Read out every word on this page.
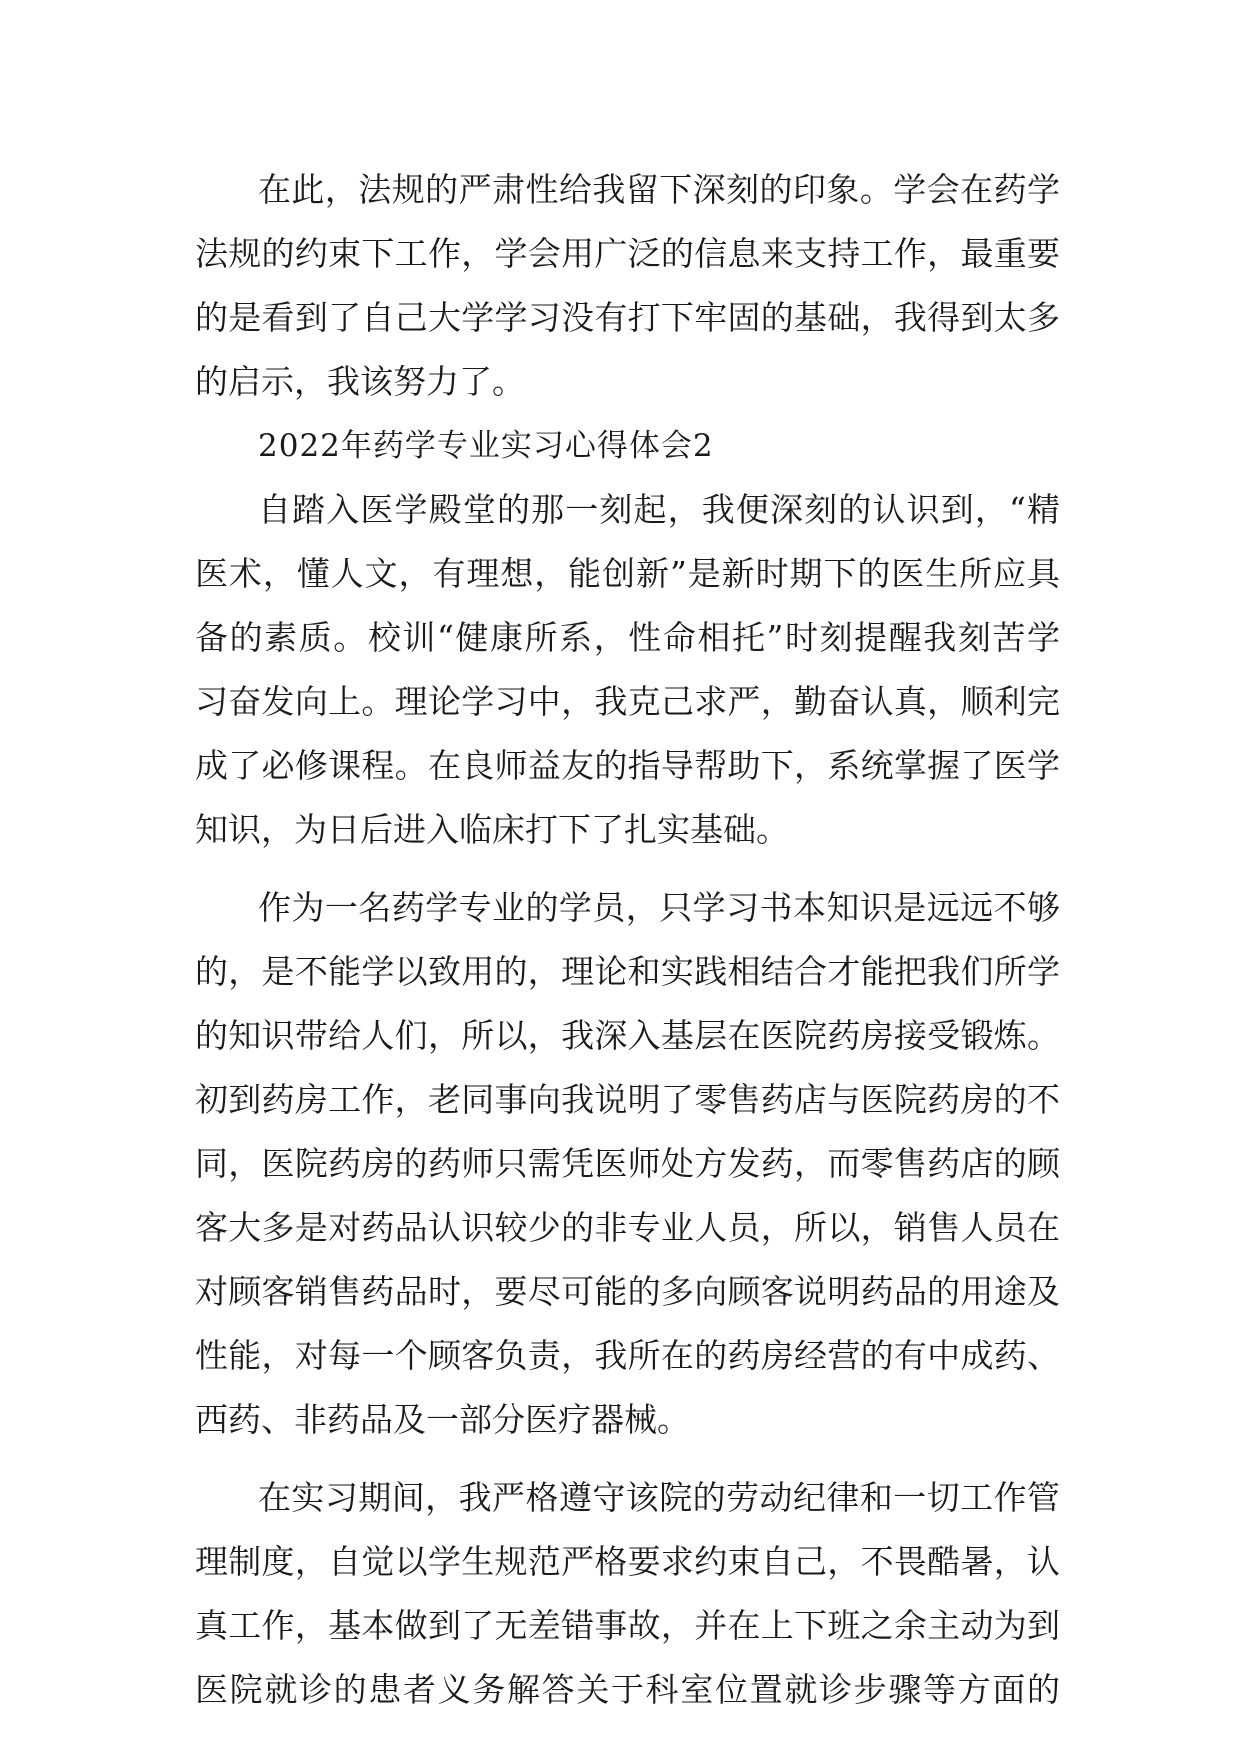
在此，法规的严肃性给我留下深刻的印象。学会在药学
法规的约束下工作，学会用广泛的信息来支持工作，最重要
的是看到了自己大学学习没有打下牢固的基础，我得到太多
的启示，我该努力了。
2022年药学专业实习心得体会2
自踏入医学殿堂的那一刻起，我便深刻的认识到，“精
医术，懂人文，有理想，能创新”是新时期下的医生所应具
备的素质。校训“健康所系，性命相托”时刻提醒我刻苦学
习奋发向上。理论学习中，我克己求严，勤奋认真，顺利完
成了必修课程。在良师益友的指导帮助下，系统掌握了医学
知识，为日后进入临床打下了扎实基础。
作为一名药学专业的学员，只学习书本知识是远远不够
的，是不能学以致用的，理论和实践相结合才能把我们所学
的知识带给人们，所以，我深入基层在医院药房接受锻炼。
初到药房工作，老同事向我说明了零售药店与医院药房的不
同，医院药房的药师只需凭医师处方发药，而零售药店的顾
客大多是对药品认识较少的非专业人员，所以，销售人员在
对顾客销售药品时，要尽可能的多向顾客说明药品的用途及
性能，对每一个顾客负责，我所在的药房经营的有中成药、
西药、非药品及一部分医疗器械。
在实习期间，我严格遵守该院的劳动纪律和一切工作管
理制度，自觉以学生规范严格要求约束自己，不畏酷暑，认
真工作，基本做到了无差错事故，并在上下班之余主动为到
医院就诊的患者义务解答关于科室位置就诊步骤等方面的
